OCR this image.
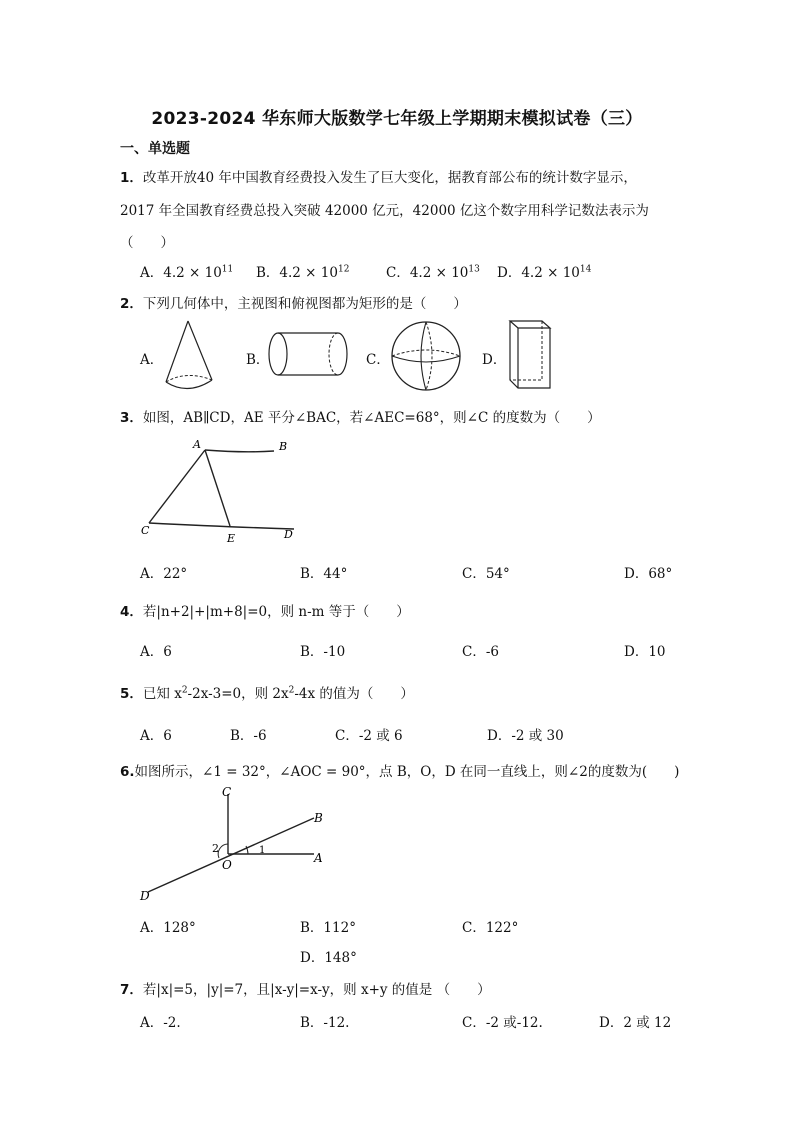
2023-2024 华东师大版数学七年级上学期期末模拟试卷（三）
一、单选题
1．改革开放40 年中国教育经费投入发生了巨大变化，据教育部公布的统计数字显示，
2017 年全国教育经费总投入突破 42000 亿元，42000 亿这个数字用科学记数法表示为
（　　）
A．$4.2 \times 10^{11}$ B．$4.2 \times 10^{12}$	C．$4.2 \times 10^{13}$ D．$4.2 \times 10^{14}$
2．下列几何体中，主视图和俯视图都为矩形的是（　　）
A．	B．	C．	D．
3．如图，AB∥CD，AE 平分∠BAC，若∠AEC=68°，则∠C 的度数为（　　）
A	B
C
E	D
A．22°	B．44°	C．54°	D．68°
4．若|n+2|+|m+8|=0，则 n-m 等于（　　）
A．6	B．-10	C．-6	D．10
5．已知 $x^2-2x-3=0$，则 $2x^2-4x$ 的值为（　　）
A．6	B．-6	C．-2 或 6	D．-2 或 30
6.如图所示，∠1 = 32°，∠AOC = 90°，点 B，O，D 在同一直线上，则∠2的度数为(　　)
C
B
A
O
D
1
2
A．128°	B．112°	C．122°
D．148°
7．若|x|=5，|y|=7，且|x-y|=x-y，则 x+y 的值是 （　　）
A．-2.	B．-12.	C．-2 或-12.	D．2 或 12
